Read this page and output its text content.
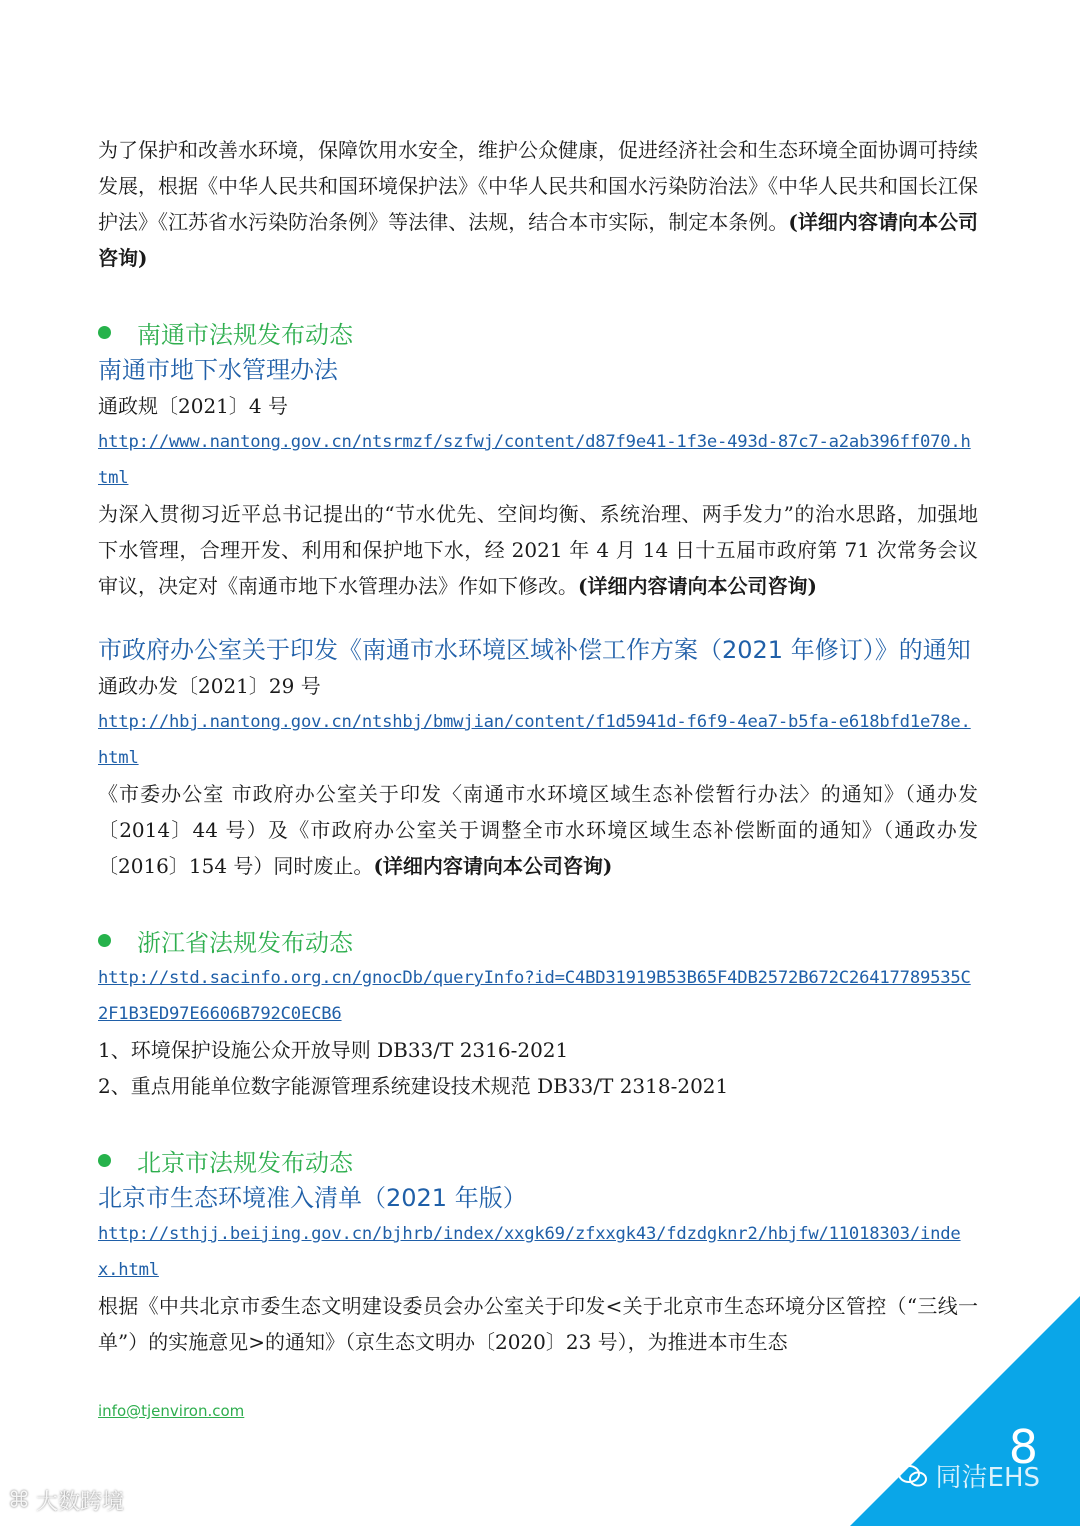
为了保护和改善水环境，保障饮用水安全，维护公众健康，促进经济社会和生态环境全面协调可持续发展，根据《中华人民共和国环境保护法》《中华人民共和国水污染防治法》《中华人民共和国长江保护法》《江苏省水污染防治条例》等法律、法规，结合本市实际，制定本条例。(详细内容请向本公司咨询)

南通市法规发布动态

南通市地下水管理办法

通政规〔2021〕4 号

http://www.nantong.gov.cn/ntsrmzf/szfwj/content/d87f9e41-1f3e-493d-87c7-a2ab396ff070.html

为深入贯彻习近平总书记提出的“节水优先、空间均衡、系统治理、两手发力”的治水思路，加强地下水管理，合理开发、利用和保护地下水，经 2021 年 4 月 14 日十五届市政府第 71 次常务会议审议，决定对《南通市地下水管理办法》作如下修改。(详细内容请向本公司咨询)

市政府办公室关于印发《南通市水环境区域补偿工作方案（2021 年修订）》的通知

通政办发〔2021〕29 号

http://hbj.nantong.gov.cn/ntshbj/bmwjian/content/f1d5941d-f6f9-4ea7-b5fa-e618bfd1e78e.html

《市委办公室 市政府办公室关于印发〈南通市水环境区域生态补偿暂行办法〉的通知》（通办发〔2014〕44 号）及《市政府办公室关于调整全市水环境区域生态补偿断面的通知》（通政办发〔2016〕154 号）同时废止。(详细内容请向本公司咨询)

浙江省法规发布动态

http://std.sacinfo.org.cn/gnocDb/queryInfo?id=C4BD31919B53B65F4DB2572B672C26417789535C2F1B3ED97E6606B792C0ECB6

1、环境保护设施公众开放导则 DB33/T 2316-2021

2、重点用能单位数字能源管理系统建设技术规范 DB33/T 2318-2021

北京市法规发布动态

北京市生态环境准入清单（2021 年版）

http://sthjj.beijing.gov.cn/bjhrb/index/xxgk69/zfxxgk43/fdzdgknr2/hbjfw/11018303/index.html

根据《中共北京市委生态文明建设委员会办公室关于印发<关于北京市生态环境分区管控（“三线一单”）的实施意见>的通知》（京生态文明办〔2020〕23 号），为推进本市生态

info@tjenviron.com
8
同洁EHS
⌘ 大数跨境
